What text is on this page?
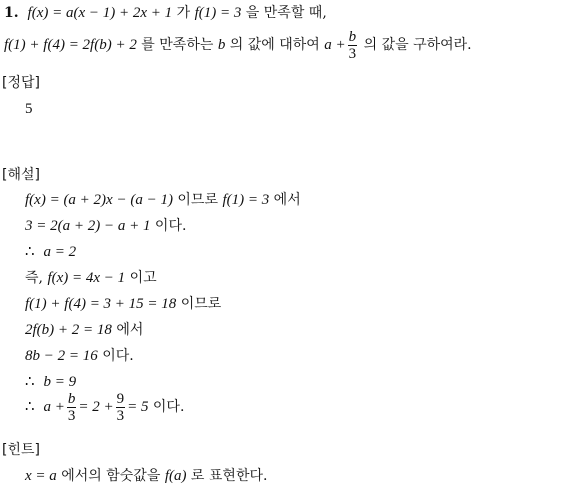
1. f(x) = a(x − 1) + 2x + 1 가 f(1) = 3 을 만족할 때,
f(1) + f(4) = 2f(b) + 2 를 만족하는 b 의 값에 대하여 $a + \frac{b}{3}$ 의 값을 구하여라.
[정답]
5
[해설]
f(x) = (a + 2)x − (a − 1) 이므로 f(1) = 3 에서
3 = 2(a + 2) − a + 1 이다.
∴ a = 2
즉, f(x) = 4x − 1 이고
f(1) + f(4) = 3 + 15 = 18 이므로
2f(b) + 2 = 18 에서
8b − 2 = 16 이다.
∴ b = 9
∴ $a + \frac{b}{3} = 2 + \frac{9}{3} = 5$ 이다.
[힌트]
x = a 에서의 함숫값을 f(a) 로 표현한다.
